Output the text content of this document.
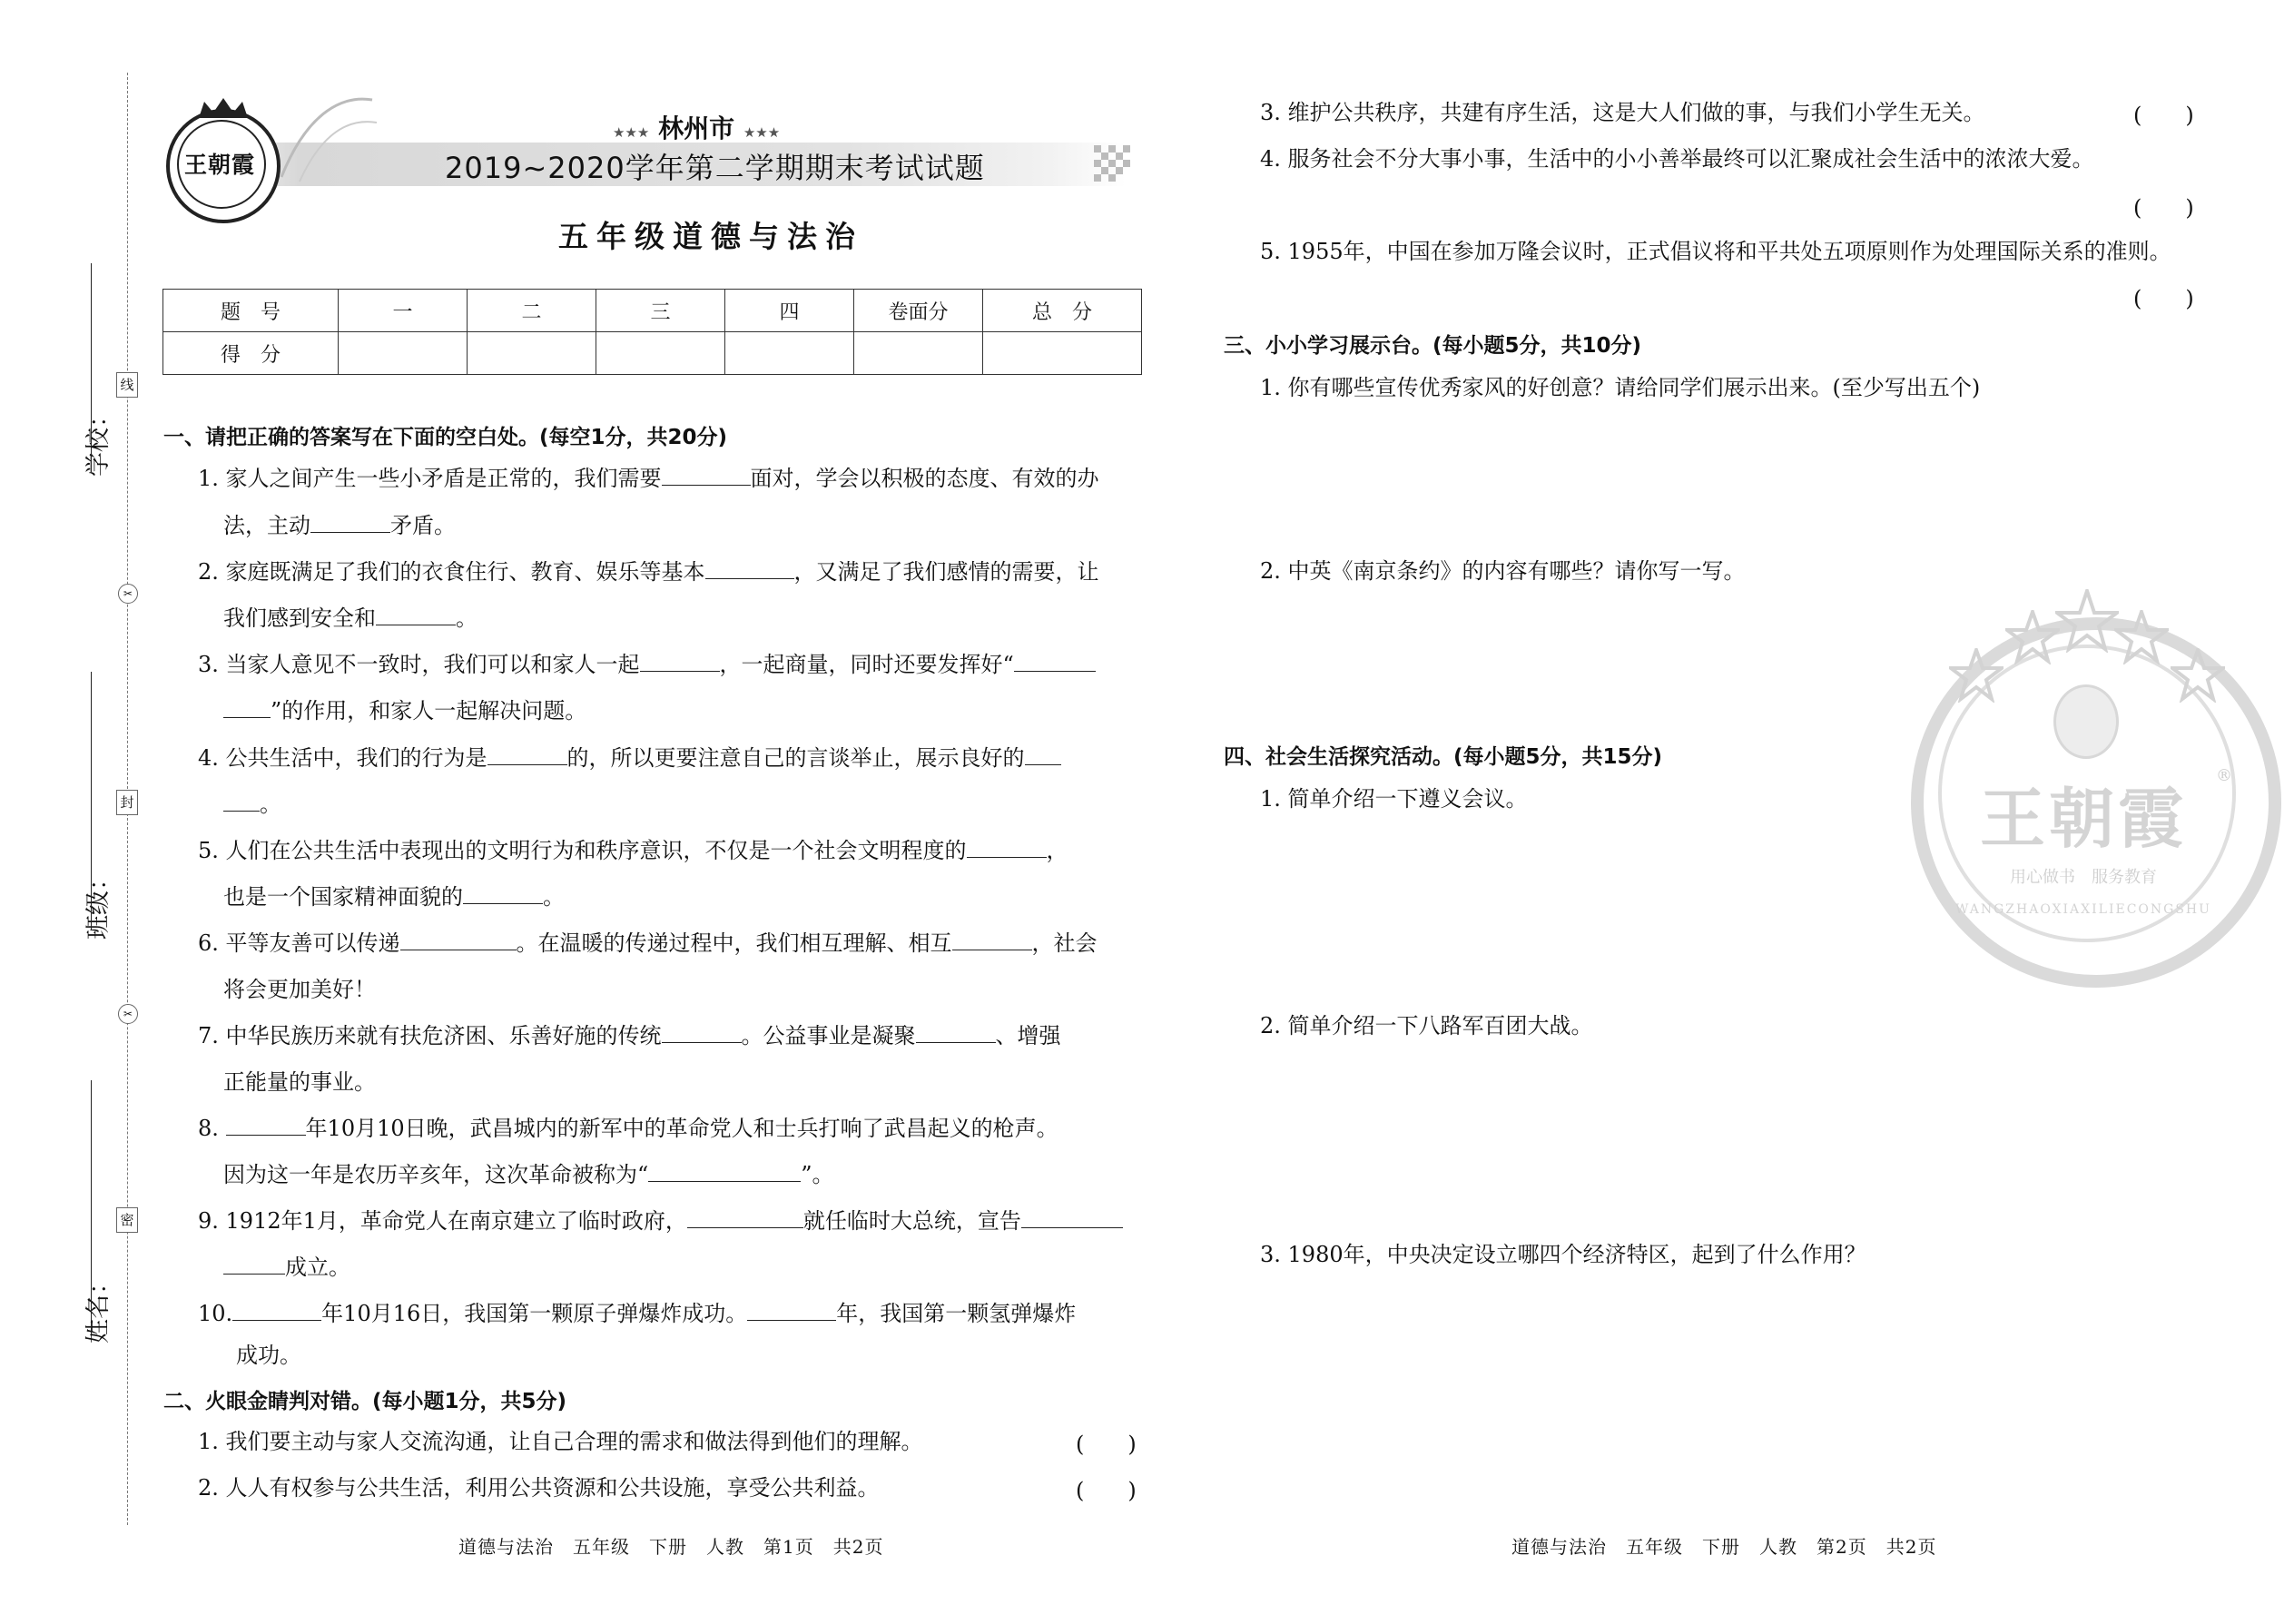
学校：
班级：
姓名：
线
封
密
✂
✂
王朝霞
★★★ 林州市 ★★★
2019~2020学年第二学期期末考试试题
五年级道德与法治
题　号	一	二	三	四	卷面分	总　分
得　分						
一、请把正确的答案写在下面的空白处。(每空1分，共20分)
1. 家人之间产生一些小矛盾是正常的，我们需要	面对，学会以积极的态度、有效的办
法，主动	矛盾。
2. 家庭既满足了我们的衣食住行、教育、娱乐等基本	，又满足了我们感情的需要，让
我们感到安全和	。
3. 当家人意见不一致时，我们可以和家人一起	，一起商量，同时还要发挥好“
”的作用，和家人一起解决问题。
4. 公共生活中，我们的行为是	的，所以更要注意自己的言谈举止，展示良好的
。
5. 人们在公共生活中表现出的文明行为和秩序意识，不仅是一个社会文明程度的	，
也是一个国家精神面貌的	。
6. 平等友善可以传递	。在温暖的传递过程中，我们相互理解、相互	，社会
将会更加美好！
7. 中华民族历来就有扶危济困、乐善好施的传统	。公益事业是凝聚	、增强
正能量的事业。
8.	年10月10日晚，武昌城内的新军中的革命党人和士兵打响了武昌起义的枪声。
因为这一年是农历辛亥年，这次革命被称为“	”。
9. 1912年1月，革命党人在南京建立了临时政府，	就任临时大总统，宣告
成立。
10.	年10月16日，我国第一颗原子弹爆炸成功。	年，我国第一颗氢弹爆炸
成功。
二、火眼金睛判对错。(每小题1分，共5分)
1. 我们要主动与家人交流沟通，让自己合理的需求和做法得到他们的理解。	(　　)
2. 人人有权参与公共生活，利用公共资源和公共设施，享受公共利益。	(　　)
道德与法治　五年级　下册　人教　第1页　共2页
3. 维护公共秩序，共建有序生活，这是大人们做的事，与我们小学生无关。	(　　)
4. 服务社会不分大事小事，生活中的小小善举最终可以汇聚成社会生活中的浓浓大爱。
(　　)
5. 1955年，中国在参加万隆会议时，正式倡议将和平共处五项原则作为处理国际关系的准则。
(　　)
三、小小学习展示台。(每小题5分，共10分)
1. 你有哪些宣传优秀家风的好创意？请给同学们展示出来。(至少写出五个)
2. 中英《南京条约》的内容有哪些？请你写一写。
四、社会生活探究活动。(每小题5分，共15分)
1. 简单介绍一下遵义会议。
2. 简单介绍一下八路军百团大战。
3. 1980年，中央决定设立哪四个经济特区，起到了什么作用？
道德与法治　五年级　下册　人教　第2页　共2页
王朝霞
®
用心做书　服务教育
WANGZHAOXIAXILIECONGSHU
